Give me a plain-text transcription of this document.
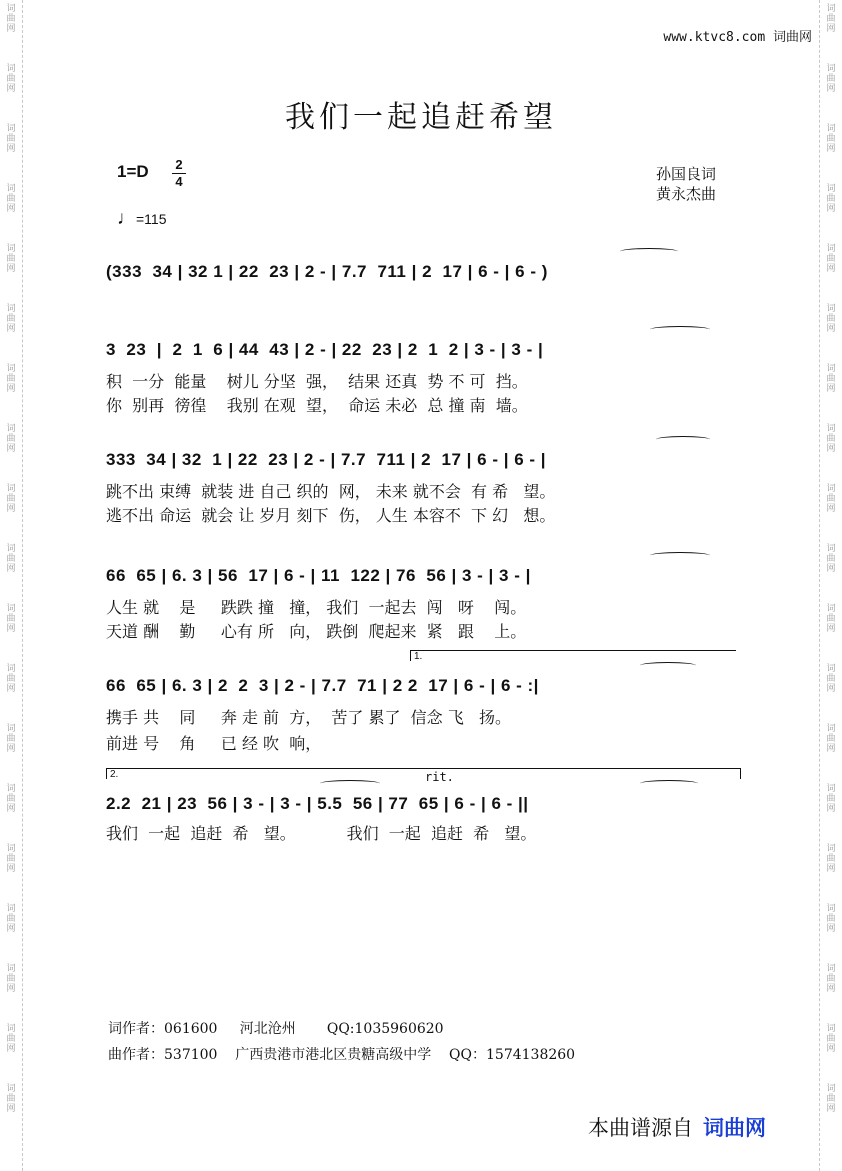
词
曲
网
词
曲
网
词
曲
网
词
曲
网
词
曲
网
词
曲
网
词
曲
网
词
曲
网
词
曲
网
词
曲
网
词
曲
网
词
曲
网
词
曲
网
词
曲
网
词
曲
网
词
曲
网
词
曲
网
词
曲
网
词
曲
网
词
曲
网
词
曲
网
词
曲
网
词
曲
网
词
曲
网
词
曲
网
词
曲
网
词
曲
网
词
曲
网
词
曲
网
词
曲
网
词
曲
网
词
曲
网
词
曲
网
词
曲
网
词
曲
网
词
曲
网
词
曲
网
词
曲
网
www.ktvc8.com 词曲网
我们一起追赶希望
1=D 2
4
♩=115
孙国良词
黄永杰曲
(333  34 | 32 1 | 22  23 | 2 - | 7.7  711 | 2  17 | 6 - | 6 - )
3  23  |  2  1  6 | 44  43 | 2 - | 22  23 | 2  1  2 | 3 - | 3 - |
积  一分  能量    树儿 分坚  强，  结果 还真  势 不 可  挡。
你  别再  徬徨    我别 在观  望，  命运 未必  总 撞 南  墙。
333  34 | 32  1 | 22  23 | 2 - | 7.7  711 | 2  17 | 6 - | 6 - |
跳不出 束缚  就装 进 自己 织的  网， 未来 就不会  有 希   望。
逃不出 命运  就会 让 岁月 刻下  伤， 人生 本容不  下 幻   想。
66  65 | 6. 3 | 56  17 | 6 - | 11  122 | 76  56 | 3 - | 3 - |
人生 就    是     跌跌 撞   撞， 我们  一起去  闯   呀    闯。
天道 酬    勤     心有 所   向， 跌倒  爬起来  紧   跟    上。
1.
66  65 | 6. 3 | 2  2  3 | 2 - | 7.7  71 | 2 2  17 | 6 - | 6 - :|
携手 共    同     奔 走 前  方，  苦了 累了  信念 飞   扬。
前进 号    角     已 经 吹  响，
2.	rit.
2.2  21 | 23  56 | 3 - | 3 - | 5.5  56 | 77  65 | 6 - | 6 - ||
我们  一起  追赶  希   望。          我们  一起  追赶  希   望。
词作者：061600     河北沧州       QQ:1035960620
曲作者：537100    广西贵港市港北区贵糖高级中学    QQ：1574138260
本曲谱源自 词曲网
